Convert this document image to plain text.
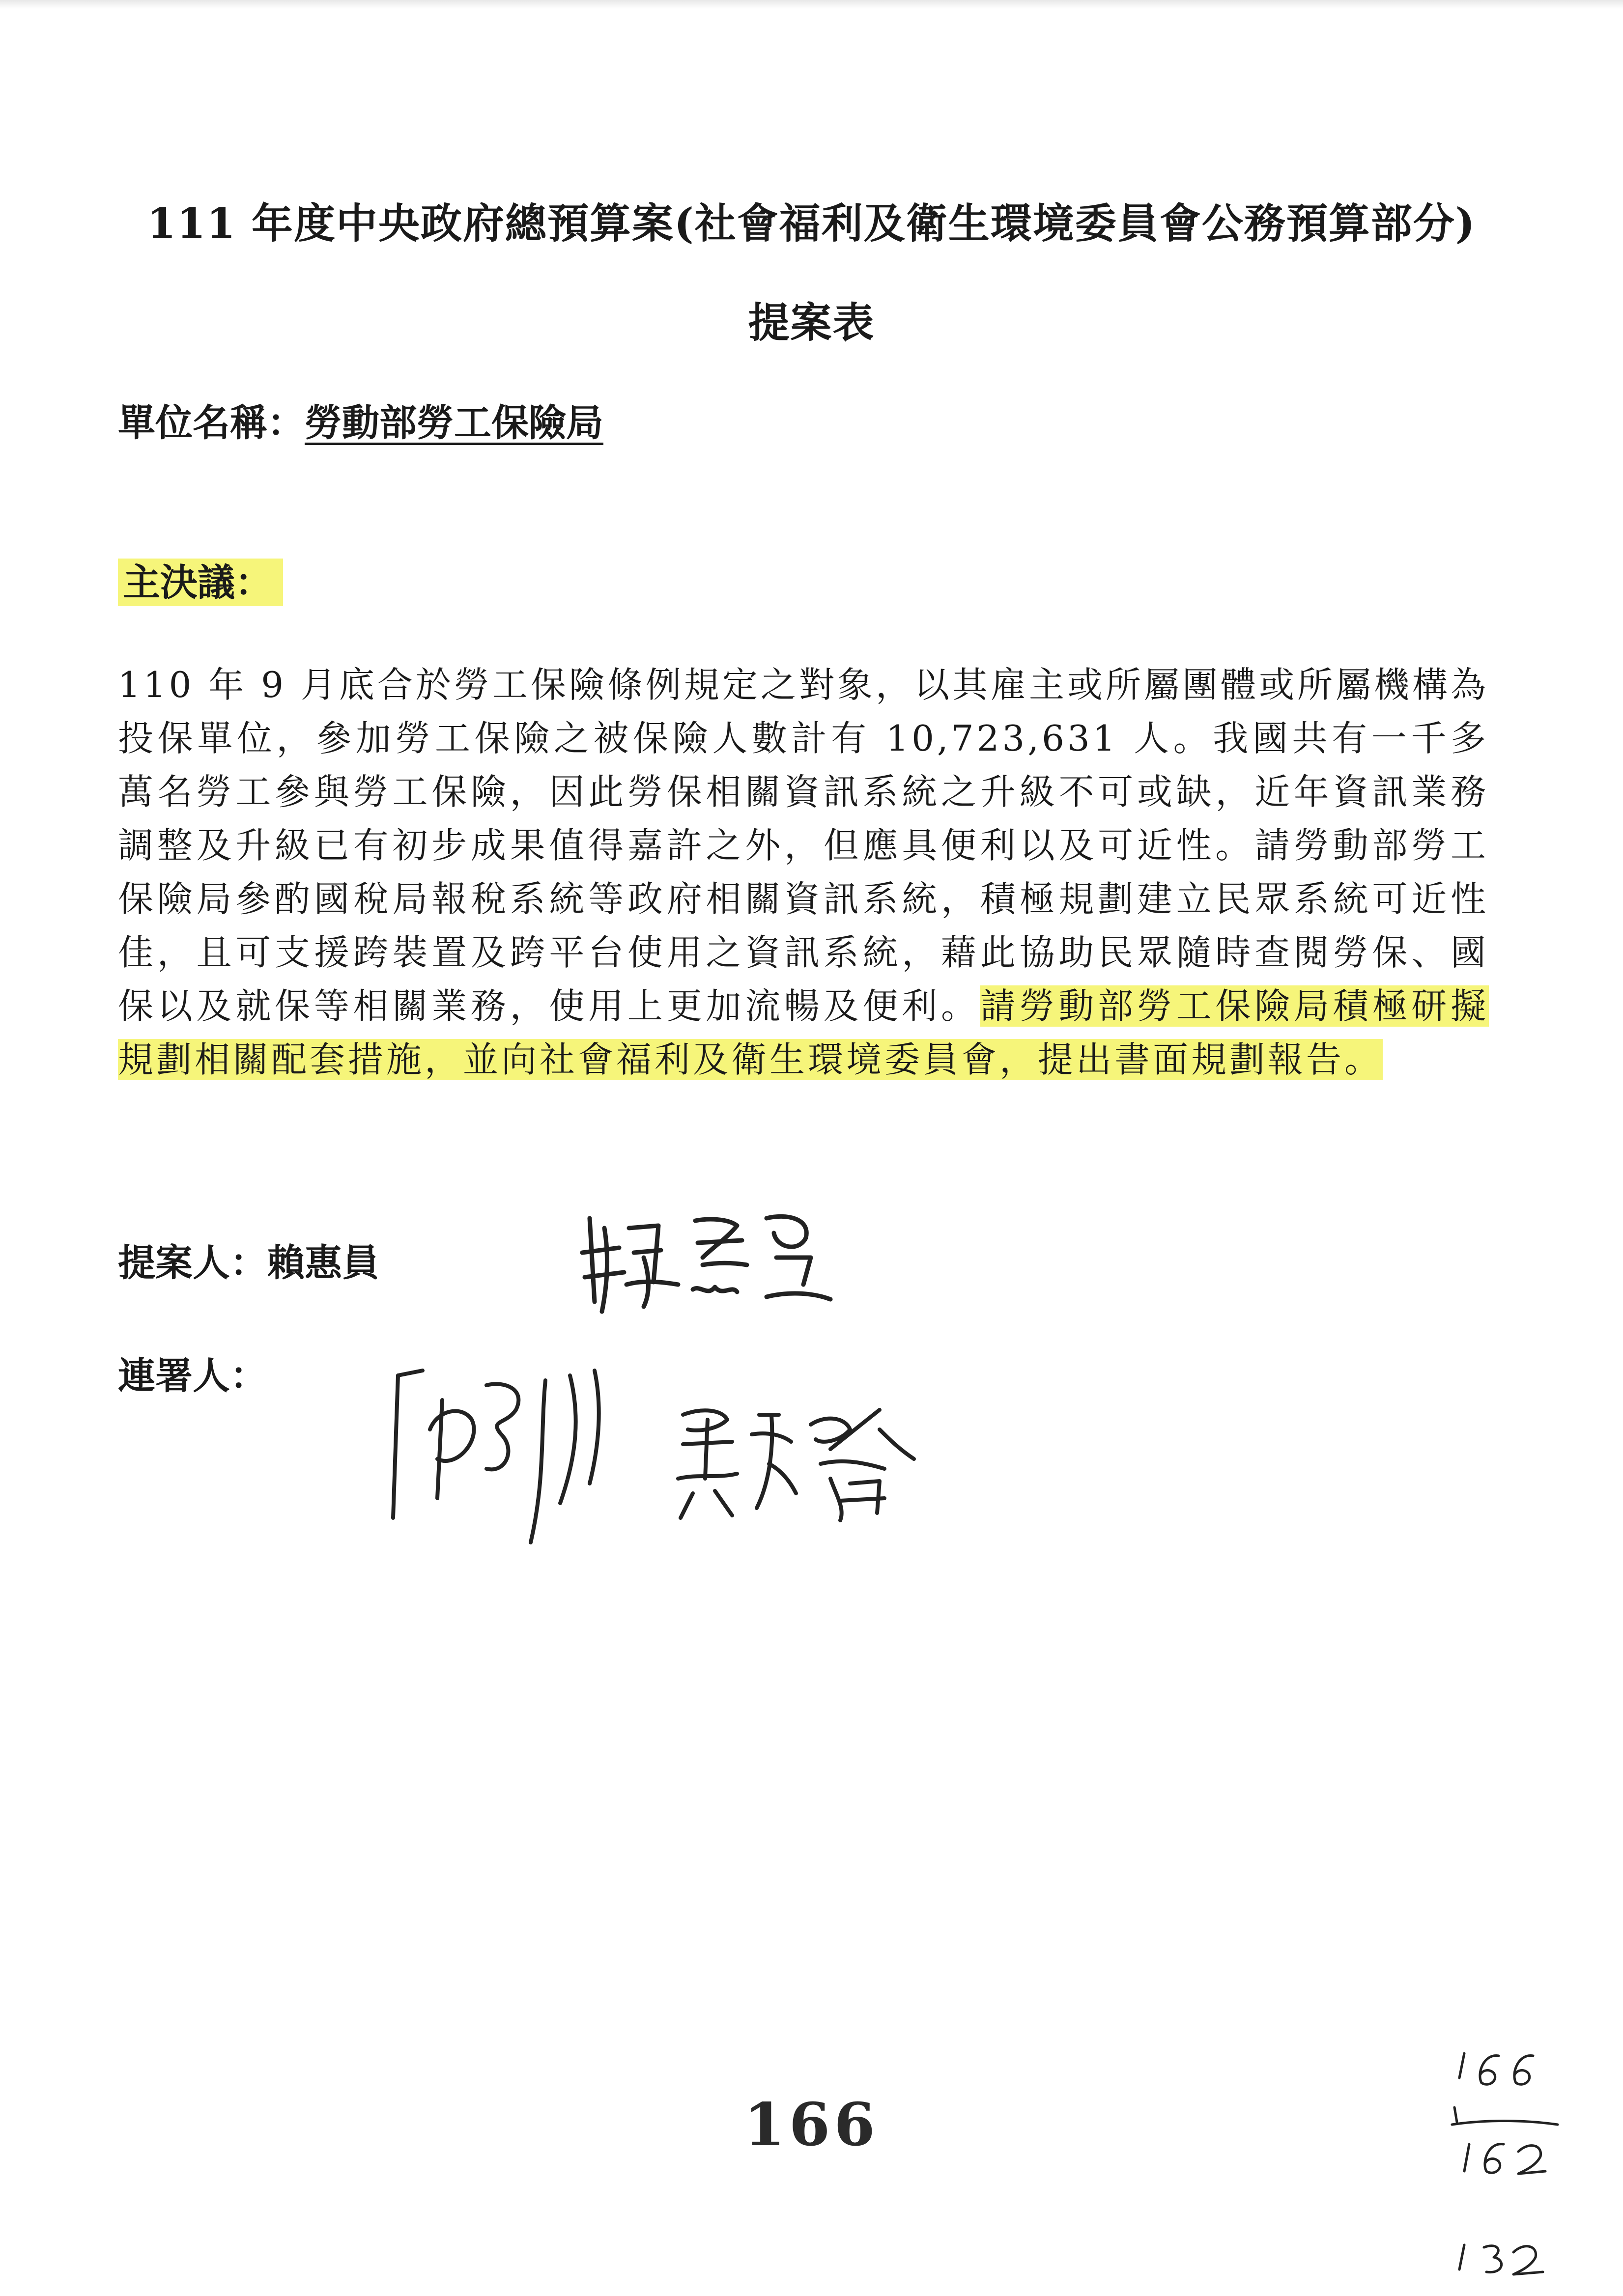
111 年度中央政府總預算案(社會福利及衛生環境委員會公務預算部分)
提案表
單位名稱：勞動部勞工保險局
主決議：
110 年 9 月底合於勞工保險條例規定之對象，以其雇主或所屬團體或所屬機構為投保單位，參加勞工保險之被保險人數計有 10,723,631 人。我國共有一千多萬名勞工參與勞工保險，因此勞保相關資訊系統之升級不可或缺，近年資訊業務調整及升級已有初步成果值得嘉許之外，但應具便利以及可近性。請勞動部勞工保險局參酌國稅局報稅系統等政府相關資訊系統，積極規劃建立民眾系統可近性佳，且可支援跨裝置及跨平台使用之資訊系統，藉此協助民眾隨時查閱勞保、國保以及就保等相關業務，使用上更加流暢及便利。請勞動部勞工保險局積極研擬規劃相關配套措施，並向社會福利及衛生環境委員會，提出書面規劃報告。
提案人：賴惠員
連署人：
166
